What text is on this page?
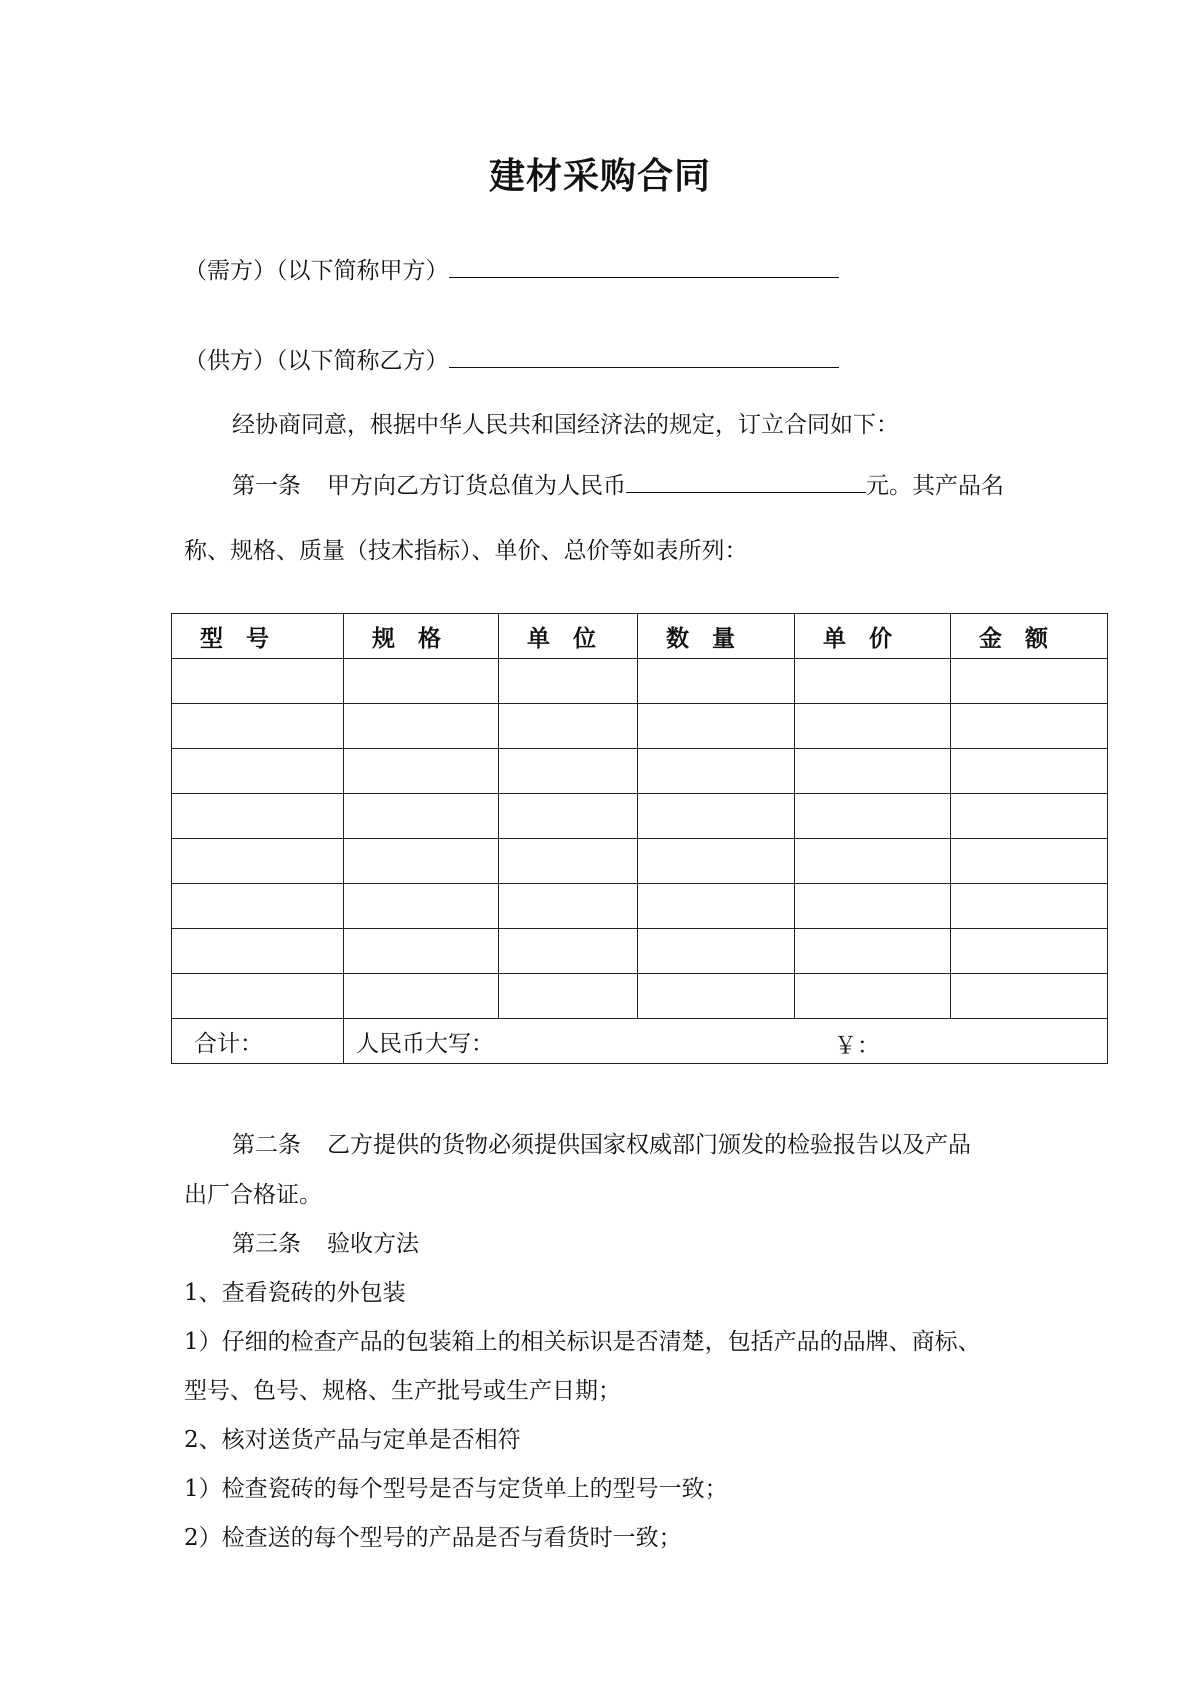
建材采购合同
（需方）（以下简称甲方）
（供方）（以下简称乙方）
经协商同意，根据中华人民共和国经济法的规定，订立合同如下：
第一条 甲方向乙方订货总值为人民币	元。其产品名
称、规格、质量（技术指标）、单价、总价等如表所列：
型　号	规　格	单　位	数　量	单　价	金　额

合计：	人民币大写： ￥：				
第二条 乙方提供的货物必须提供国家权威部门颁发的检验报告以及产品
出厂合格证。
第三条 验收方法
1、查看瓷砖的外包装
1）仔细的检查产品的包装箱上的相关标识是否清楚，包括产品的品牌、商标、
型号、色号、规格、生产批号或生产日期；
2、核对送货产品与定单是否相符
1）检查瓷砖的每个型号是否与定货单上的型号一致；
2）检查送的每个型号的产品是否与看货时一致；
